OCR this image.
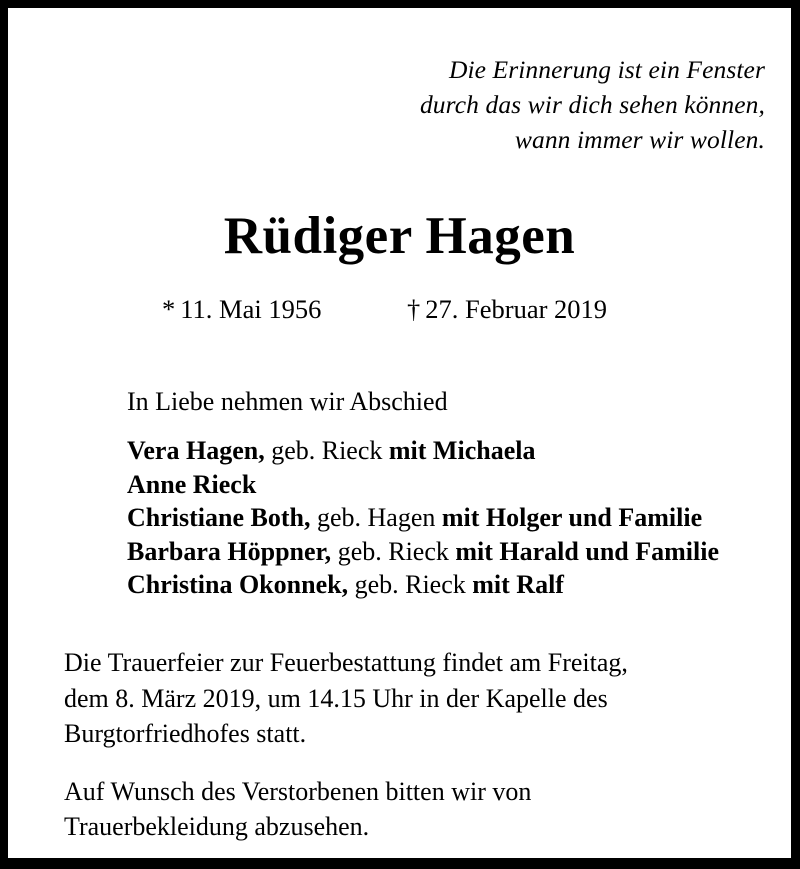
Die Erinnerung ist ein Fenster
durch das wir dich sehen können,
wann immer wir wollen.
Rüdiger Hagen
* 11. Mai 1956	† 27. Februar 2019
In Liebe nehmen wir Abschied
Vera Hagen, geb. Rieck mit Michaela
Anne Rieck
Christiane Both, geb. Hagen mit Holger und Familie
Barbara Höppner, geb. Rieck mit Harald und Familie
Christina Okonnek, geb. Rieck mit Ralf

Die Trauerfeier zur Feuerbestattung findet am Freitag,
dem 8. März 2019, um 14.15 Uhr in der Kapelle des
Burgtorfriedhofes statt.

Auf Wunsch des Verstorbenen bitten wir von
Trauerbekleidung abzusehen.
